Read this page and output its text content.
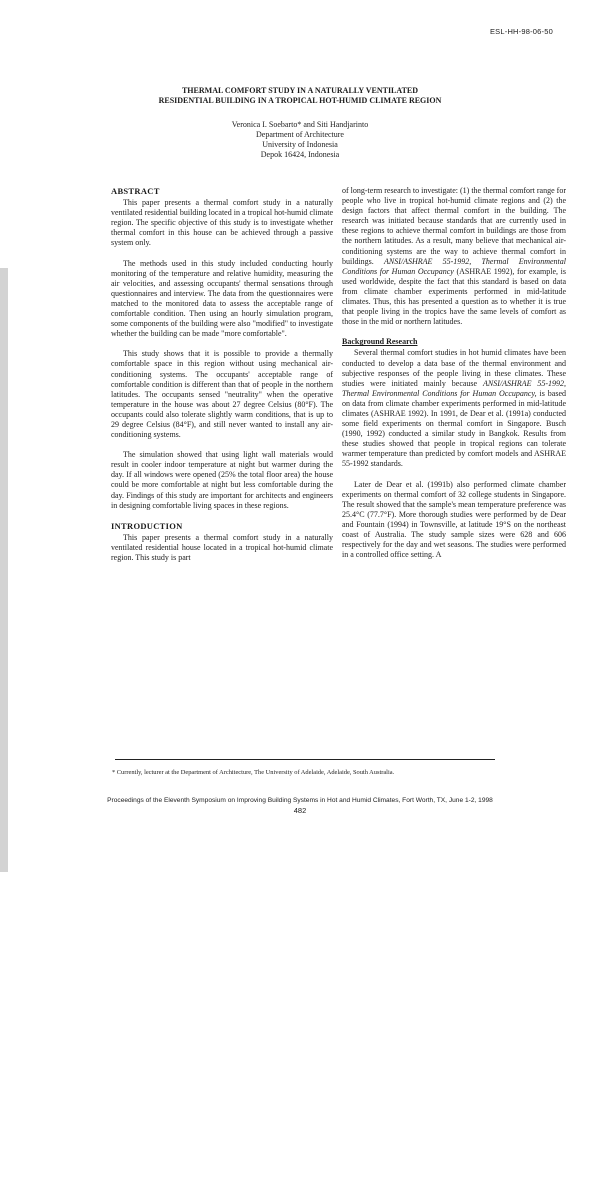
ESL-HH-98-06-50
THERMAL COMFORT STUDY IN A NATURALLY VENTILATED
RESIDENTIAL BUILDING IN A TROPICAL HOT-HUMID CLIMATE REGION
Veronica I. Soebarto* and Siti Handjarinto
Department of Architecture
University of Indonesia
Depok 16424, Indonesia
ABSTRACT

This paper presents a thermal comfort study in a naturally ventilated residential building located in a tropical hot-humid climate region. The specific objective of this study is to investigate whether thermal comfort in this house can be achieved through a passive system only.

The methods used in this study included conducting hourly monitoring of the temperature and relative humidity, measuring the air velocities, and assessing occupants' thermal sensations through questionnaires and interview. The data from the questionnaires were matched to the monitored data to assess the acceptable range of comfortable condition. Then using an hourly simulation program, some components of the building were also "modified" to investigate whether the building can be made "more comfortable".

This study shows that it is possible to provide a thermally comfortable space in this region without using mechanical air-conditioning systems. The occupants' acceptable range of comfortable condition is different than that of people in the northern latitudes. The occupants sensed "neutrality" when the operative temperature in the house was about 27 degree Celsius (80°F). The occupants could also tolerate slightly warm conditions, that is up to 29 degree Celsius (84°F), and still never wanted to install any air-conditioning systems.

The simulation showed that using light wall materials would result in cooler indoor temperature at night but warmer during the day. If all windows were opened (25% the total floor area) the house could be more comfortable at night but less comfortable during the day. Findings of this study are important for architects and engineers in designing comfortable living spaces in these regions.

INTRODUCTION

This paper presents a thermal comfort study in a naturally ventilated residential house located in a tropical hot-humid climate region. This study is part

of long-term research to investigate: (1) the thermal comfort range for people who live in tropical hot-humid climate regions and (2) the design factors that affect thermal comfort in the building. The research was initiated because standards that are currently used in these regions to achieve thermal comfort in buildings are those from the northern latitudes. As a result, many believe that mechanical air-conditioning systems are the way to achieve thermal comfort in buildings. ANSI/ASHRAE 55-1992, Thermal Environmental Conditions for Human Occupancy (ASHRAE 1992), for example, is used worldwide, despite the fact that this standard is based on data from climate chamber experiments performed in mid-latitude climates. Thus, this has presented a question as to whether it is true that people living in the tropics have the same levels of comfort as those in the mid or northern latitudes.

Background Research

Several thermal comfort studies in hot humid climates have been conducted to develop a data base of the thermal environment and subjective responses of the people living in these climates. These studies were initiated mainly because ANSI/ASHRAE 55-1992, Thermal Environmental Conditions for Human Occupancy, is based on data from climate chamber experiments performed in mid-latitude climates (ASHRAE 1992). In 1991, de Dear et al. (1991a) conducted some field experiments on thermal comfort in Singapore. Busch (1990, 1992) conducted a similar study in Bangkok. Results from these studies showed that people in tropical regions can tolerate warmer temperature than predicted by comfort models and ASHRAE 55-1992 standards.

Later de Dear et al. (1991b) also performed climate chamber experiments on thermal comfort of 32 college students in Singapore. The result showed that the sample's mean temperature preference was 25.4°C (77.7°F). More thorough studies were performed by de Dear and Fountain (1994) in Townsville, at latitude 19°S on the northeast coast of Australia. The study sample sizes were 628 and 606 respectively for the day and wet seasons. The studies were performed in a controlled office setting. A

* Currently, lecturer at the Department of Architecture, The University of Adelaide, Adelaide, South Australia.
Proceedings of the Eleventh Symposium on Improving Building Systems in Hot and Humid Climates, Fort Worth, TX, June 1-2, 1998
482
